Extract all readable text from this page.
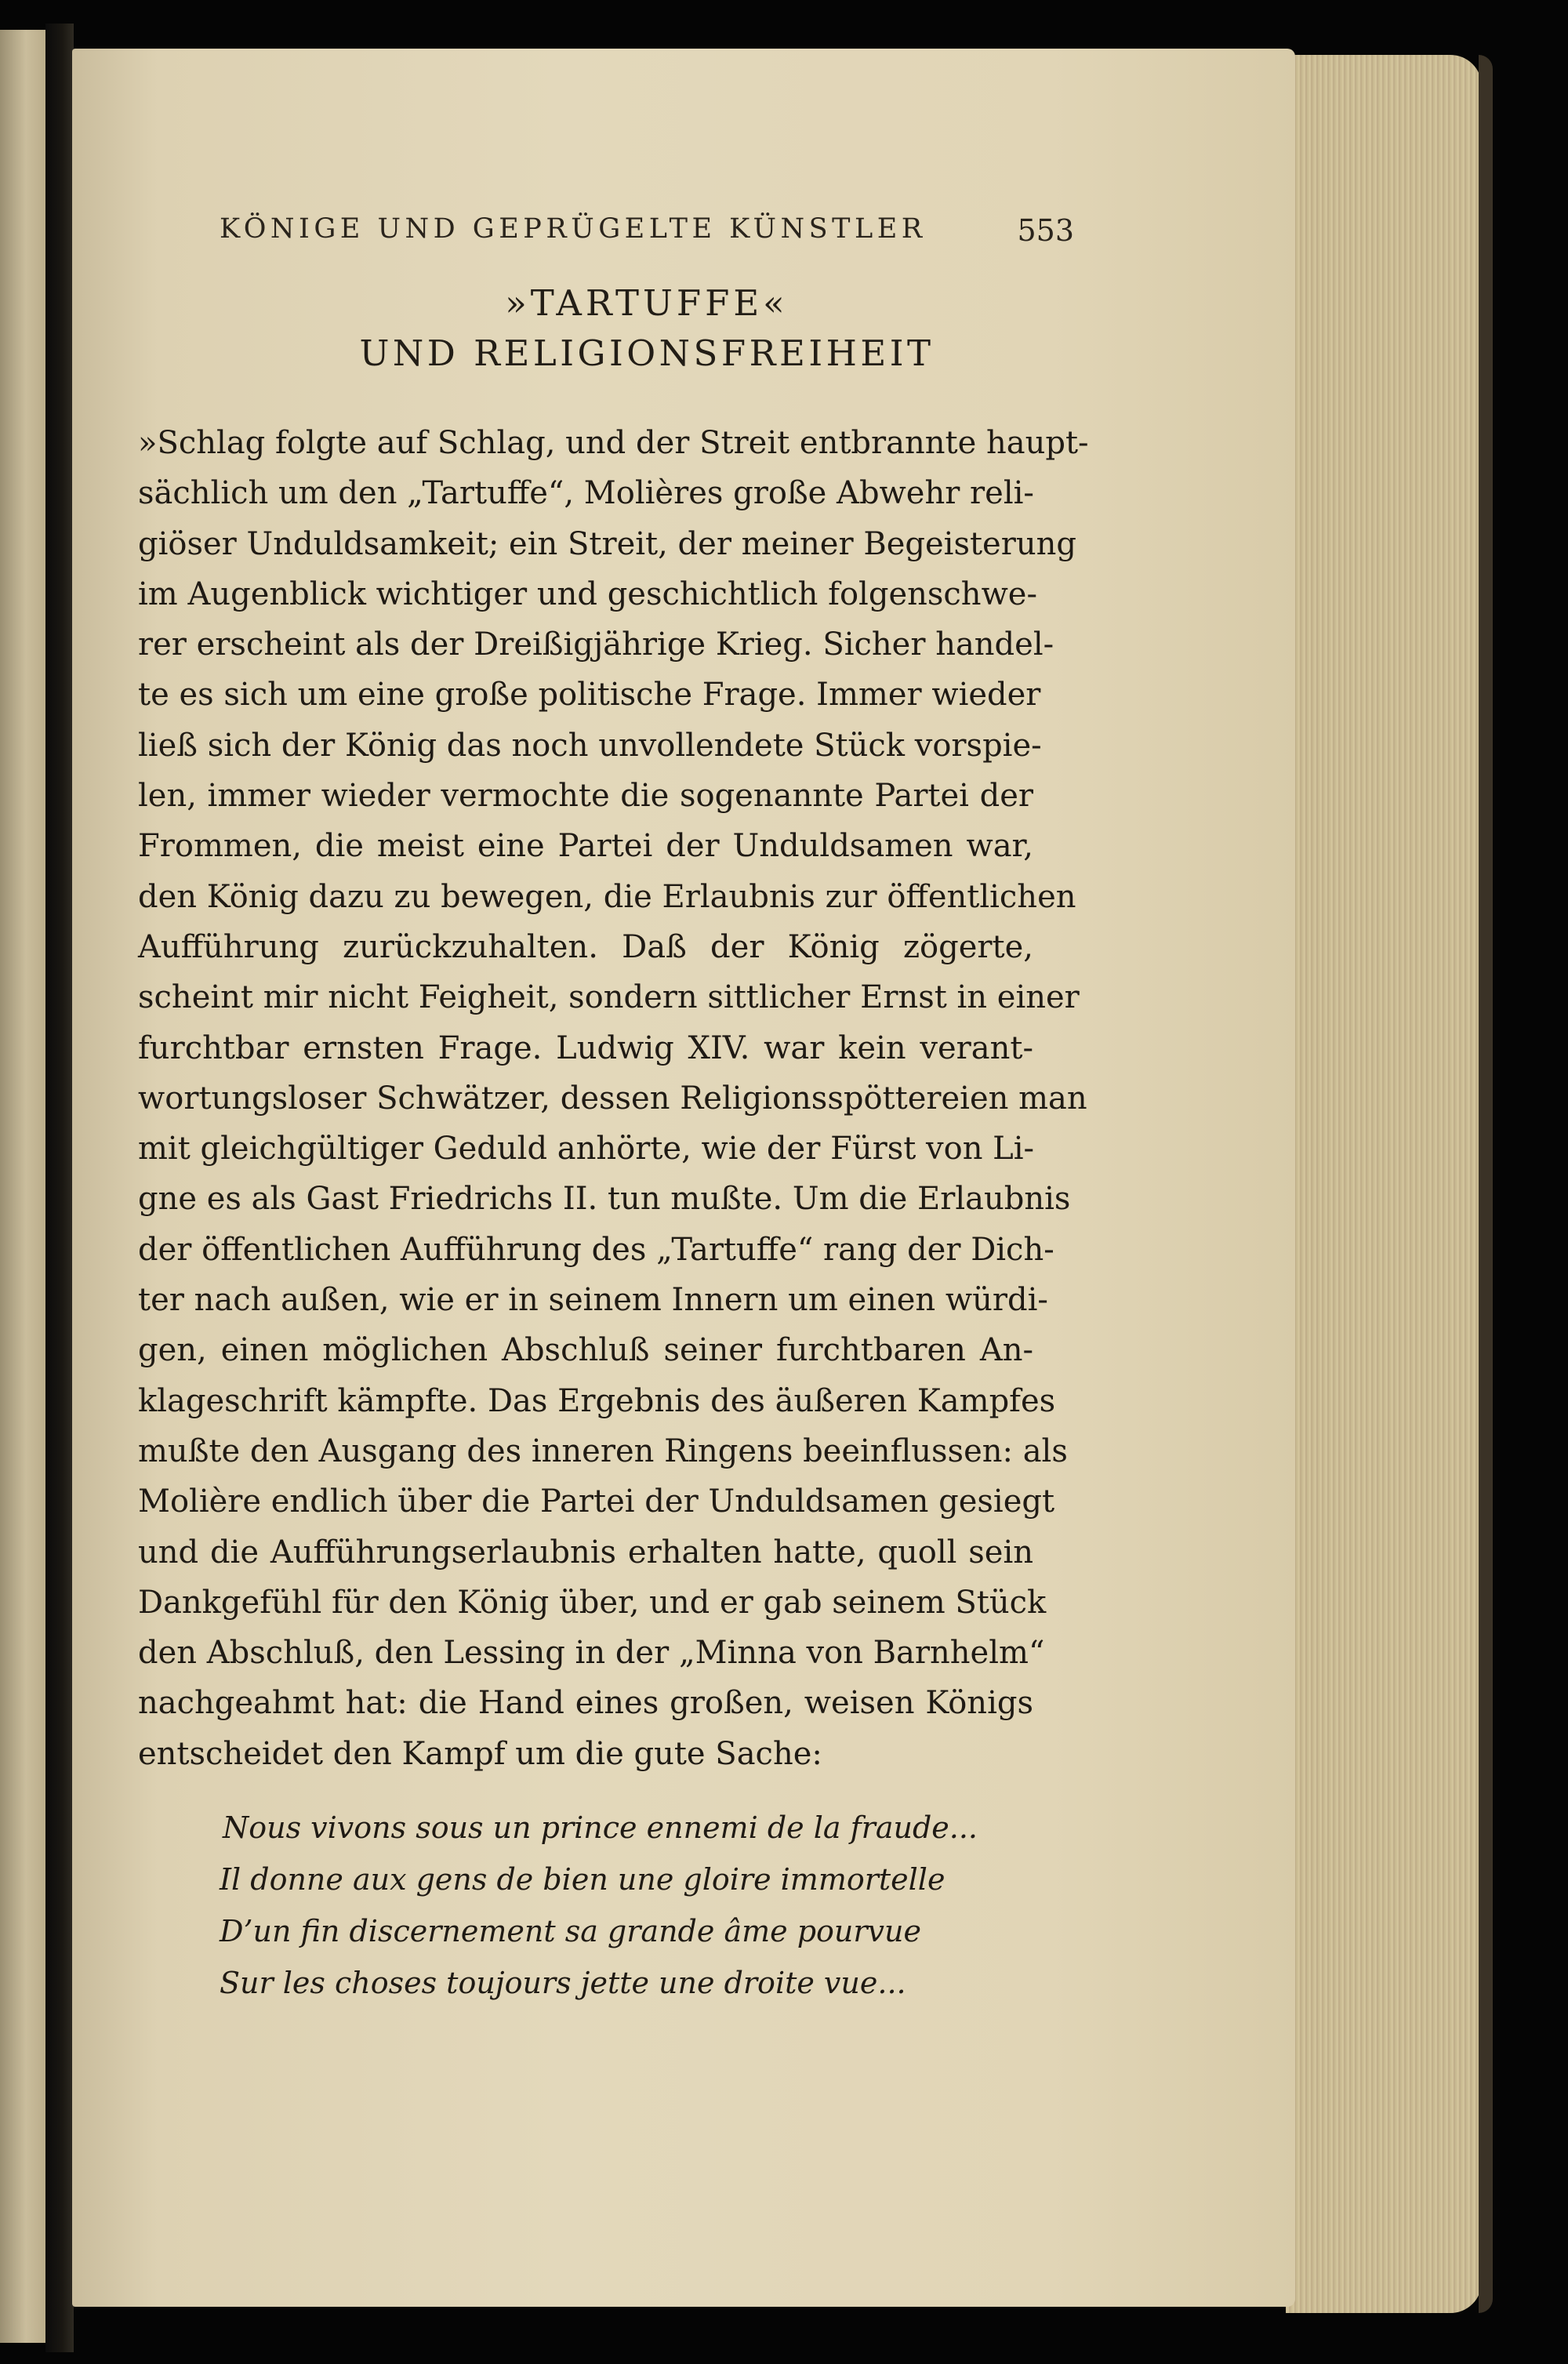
KÖNIGE UND GEPRÜGELTE KÜNSTLER	553
»TARTUFFE«
UND RELIGIONSFREIHEIT
»Schlag folgte auf Schlag, und der Streit entbrannte haupt-
sächlich um den „Tartuffe“, Molières große Abwehr reli-
giöser Unduldsamkeit; ein Streit, der meiner Begeisterung
im Augenblick wichtiger und geschichtlich folgenschwe-
rer erscheint als der Dreißigjährige Krieg. Sicher handel-
te es sich um eine große politische Frage. Immer wieder
ließ sich der König das noch unvollendete Stück vorspie-
len, immer wieder vermochte die sogenannte Partei der
Frommen, die meist eine Partei der Unduldsamen war,
den König dazu zu bewegen, die Erlaubnis zur öffentlichen
Aufführung zurückzuhalten. Daß der König zögerte,
scheint mir nicht Feigheit, sondern sittlicher Ernst in einer
furchtbar ernsten Frage. Ludwig XIV. war kein verant-
wortungsloser Schwätzer, dessen Religionsspöttereien man
mit gleichgültiger Geduld anhörte, wie der Fürst von Li-
gne es als Gast Friedrichs II. tun mußte. Um die Erlaubnis
der öffentlichen Aufführung des „Tartuffe“ rang der Dich-
ter nach außen, wie er in seinem Innern um einen würdi-
gen, einen möglichen Abschluß seiner furchtbaren An-
klageschrift kämpfte. Das Ergebnis des äußeren Kampfes
mußte den Ausgang des inneren Ringens beeinflussen: als
Molière endlich über die Partei der Unduldsamen gesiegt
und die Aufführungserlaubnis erhalten hatte, quoll sein
Dankgefühl für den König über, und er gab seinem Stück
den Abschluß, den Lessing in der „Minna von Barnhelm“
nachgeahmt hat: die Hand eines großen, weisen Königs
entscheidet den Kampf um die gute Sache:
Nous vivons sous un prince ennemi de la fraude...
Il donne aux gens de bien une gloire immortelle
D’un fin discernement sa grande âme pourvue
Sur les choses toujours jette une droite vue...
